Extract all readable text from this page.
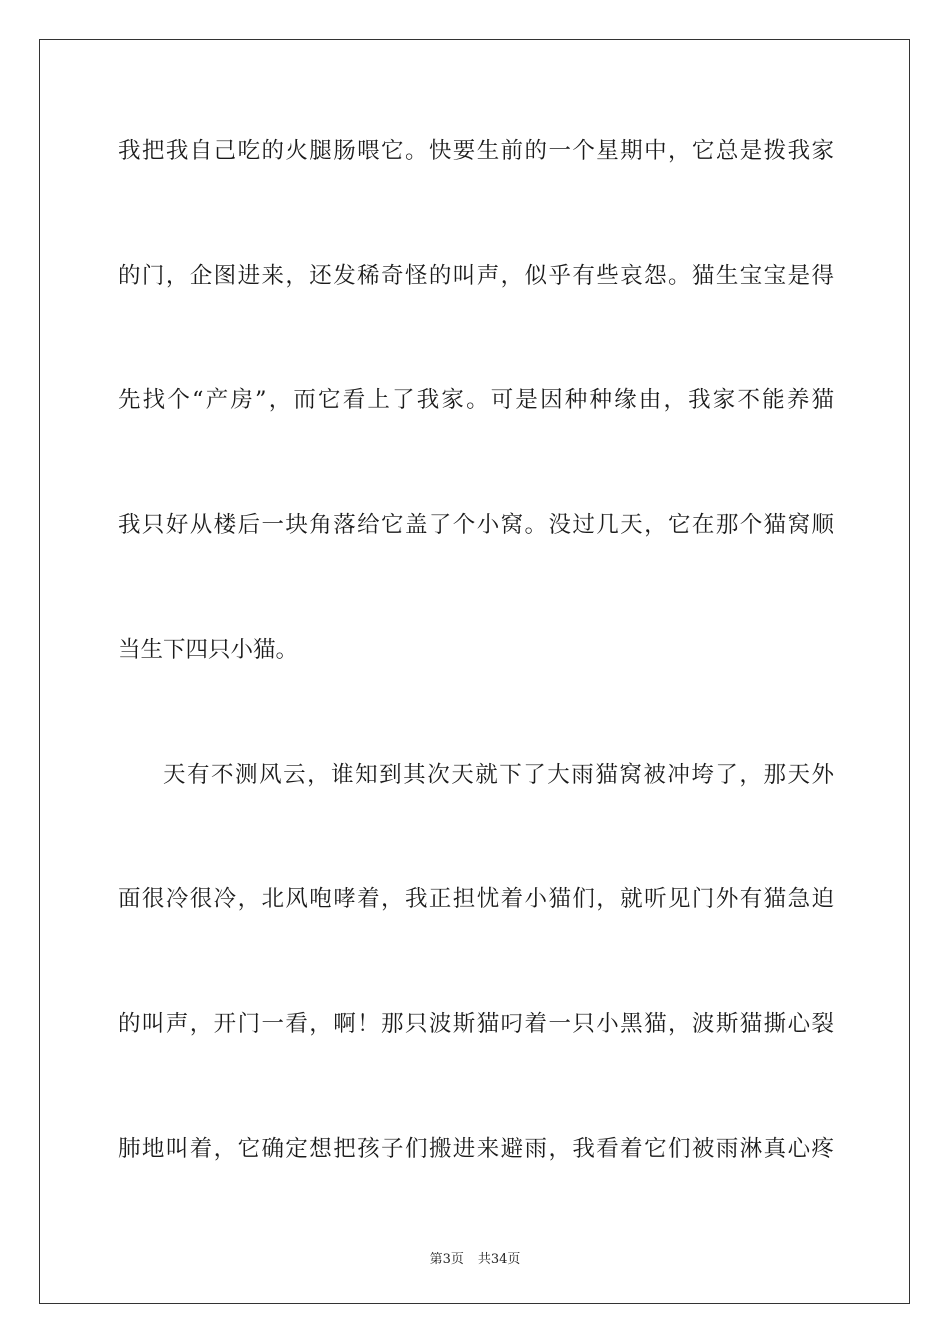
我把我自己吃的火腿肠喂它。快要生前的一个星期中，它总是拨我家
的门，企图进来，还发稀奇怪的叫声，似乎有些哀怨。猫生宝宝是得
先找个“产房”，而它看上了我家。可是因种种缘由，我家不能养猫
我只好从楼后一块角落给它盖了个小窝。没过几天，它在那个猫窝顺
当生下四只小猫。
天有不测风云，谁知到其次天就下了大雨猫窝被冲垮了，那天外
面很冷很冷，北风咆哮着，我正担忧着小猫们，就听见门外有猫急迫
的叫声，开门一看，啊！那只波斯猫叼着一只小黑猫，波斯猫撕心裂
肺地叫着，它确定想把孩子们搬进来避雨，我看着它们被雨淋真心疼
第3页 共34页
